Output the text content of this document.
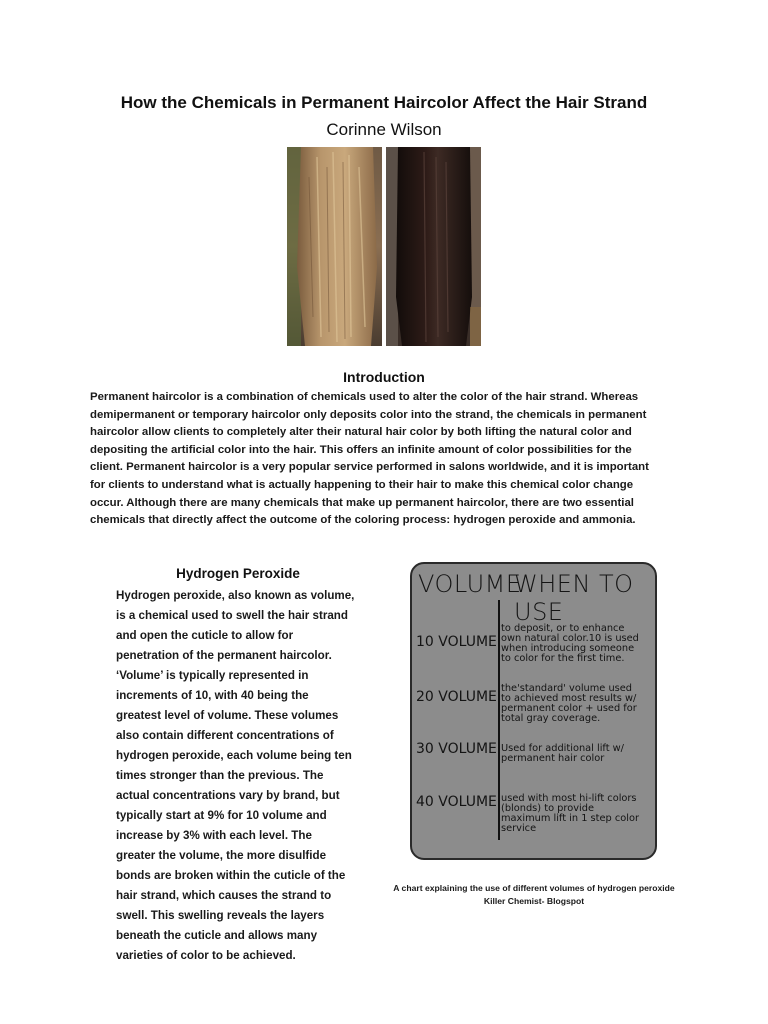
How the Chemicals in Permanent Haircolor Affect the Hair Strand
Corinne Wilson
Introduction

Permanent haircolor is a combination of chemicals used to alter the color of the hair strand. Whereas

demipermanent or temporary haircolor only deposits color into the strand, the chemicals in permanent

haircolor allow clients to completely alter their natural hair color by both lifting the natural color and

depositing the artificial color into the hair. This offers an infinite amount of color possibilities for the

client. Permanent haircolor is a very popular service performed in salons worldwide, and it is important

for clients to understand what is actually happening to their hair to make this chemical color change

occur. Although there are many chemicals that make up permanent haircolor, there are two essential

chemicals that directly affect the outcome of the coloring process: hydrogen peroxide and ammonia.

Hydrogen Peroxide

Hydrogen peroxide, also known as volume,

is a chemical used to swell the hair strand

and open the cuticle to allow for

penetration of the permanent haircolor.

‘Volume’ is typically represented in

increments of 10, with 40 being the

greatest level of volume. These volumes

also contain different concentrations of

hydrogen peroxide, each volume being ten

times stronger than the previous. The

actual concentrations vary by brand, but

typically start at 9% for 10 volume and

increase by 3% with each level. The

greater the volume, the more disulfide

bonds are broken within the cuticle of the

hair strand, which causes the strand to

swell. This swelling reveals the layers

beneath the cuticle and allows many

varieties of color to be achieved.

VOLUME
WHEN TO USE
10 VOLUME
to deposit, or to enhance
own natural color.10 is used
when introducing someone
to color for the first time.
20 VOLUME
the'standard' volume used
to achieved most results w/
permanent color + used for
total gray coverage.
30 VOLUME Used for additional lift w/
permanent hair color
40 VOLUME used with most hi-lift colors
(blonds) to provide
maximum lift in 1 step color
service
A chart explaining the use of different volumes of hydrogen peroxide
Killer Chemist- Blogspot
